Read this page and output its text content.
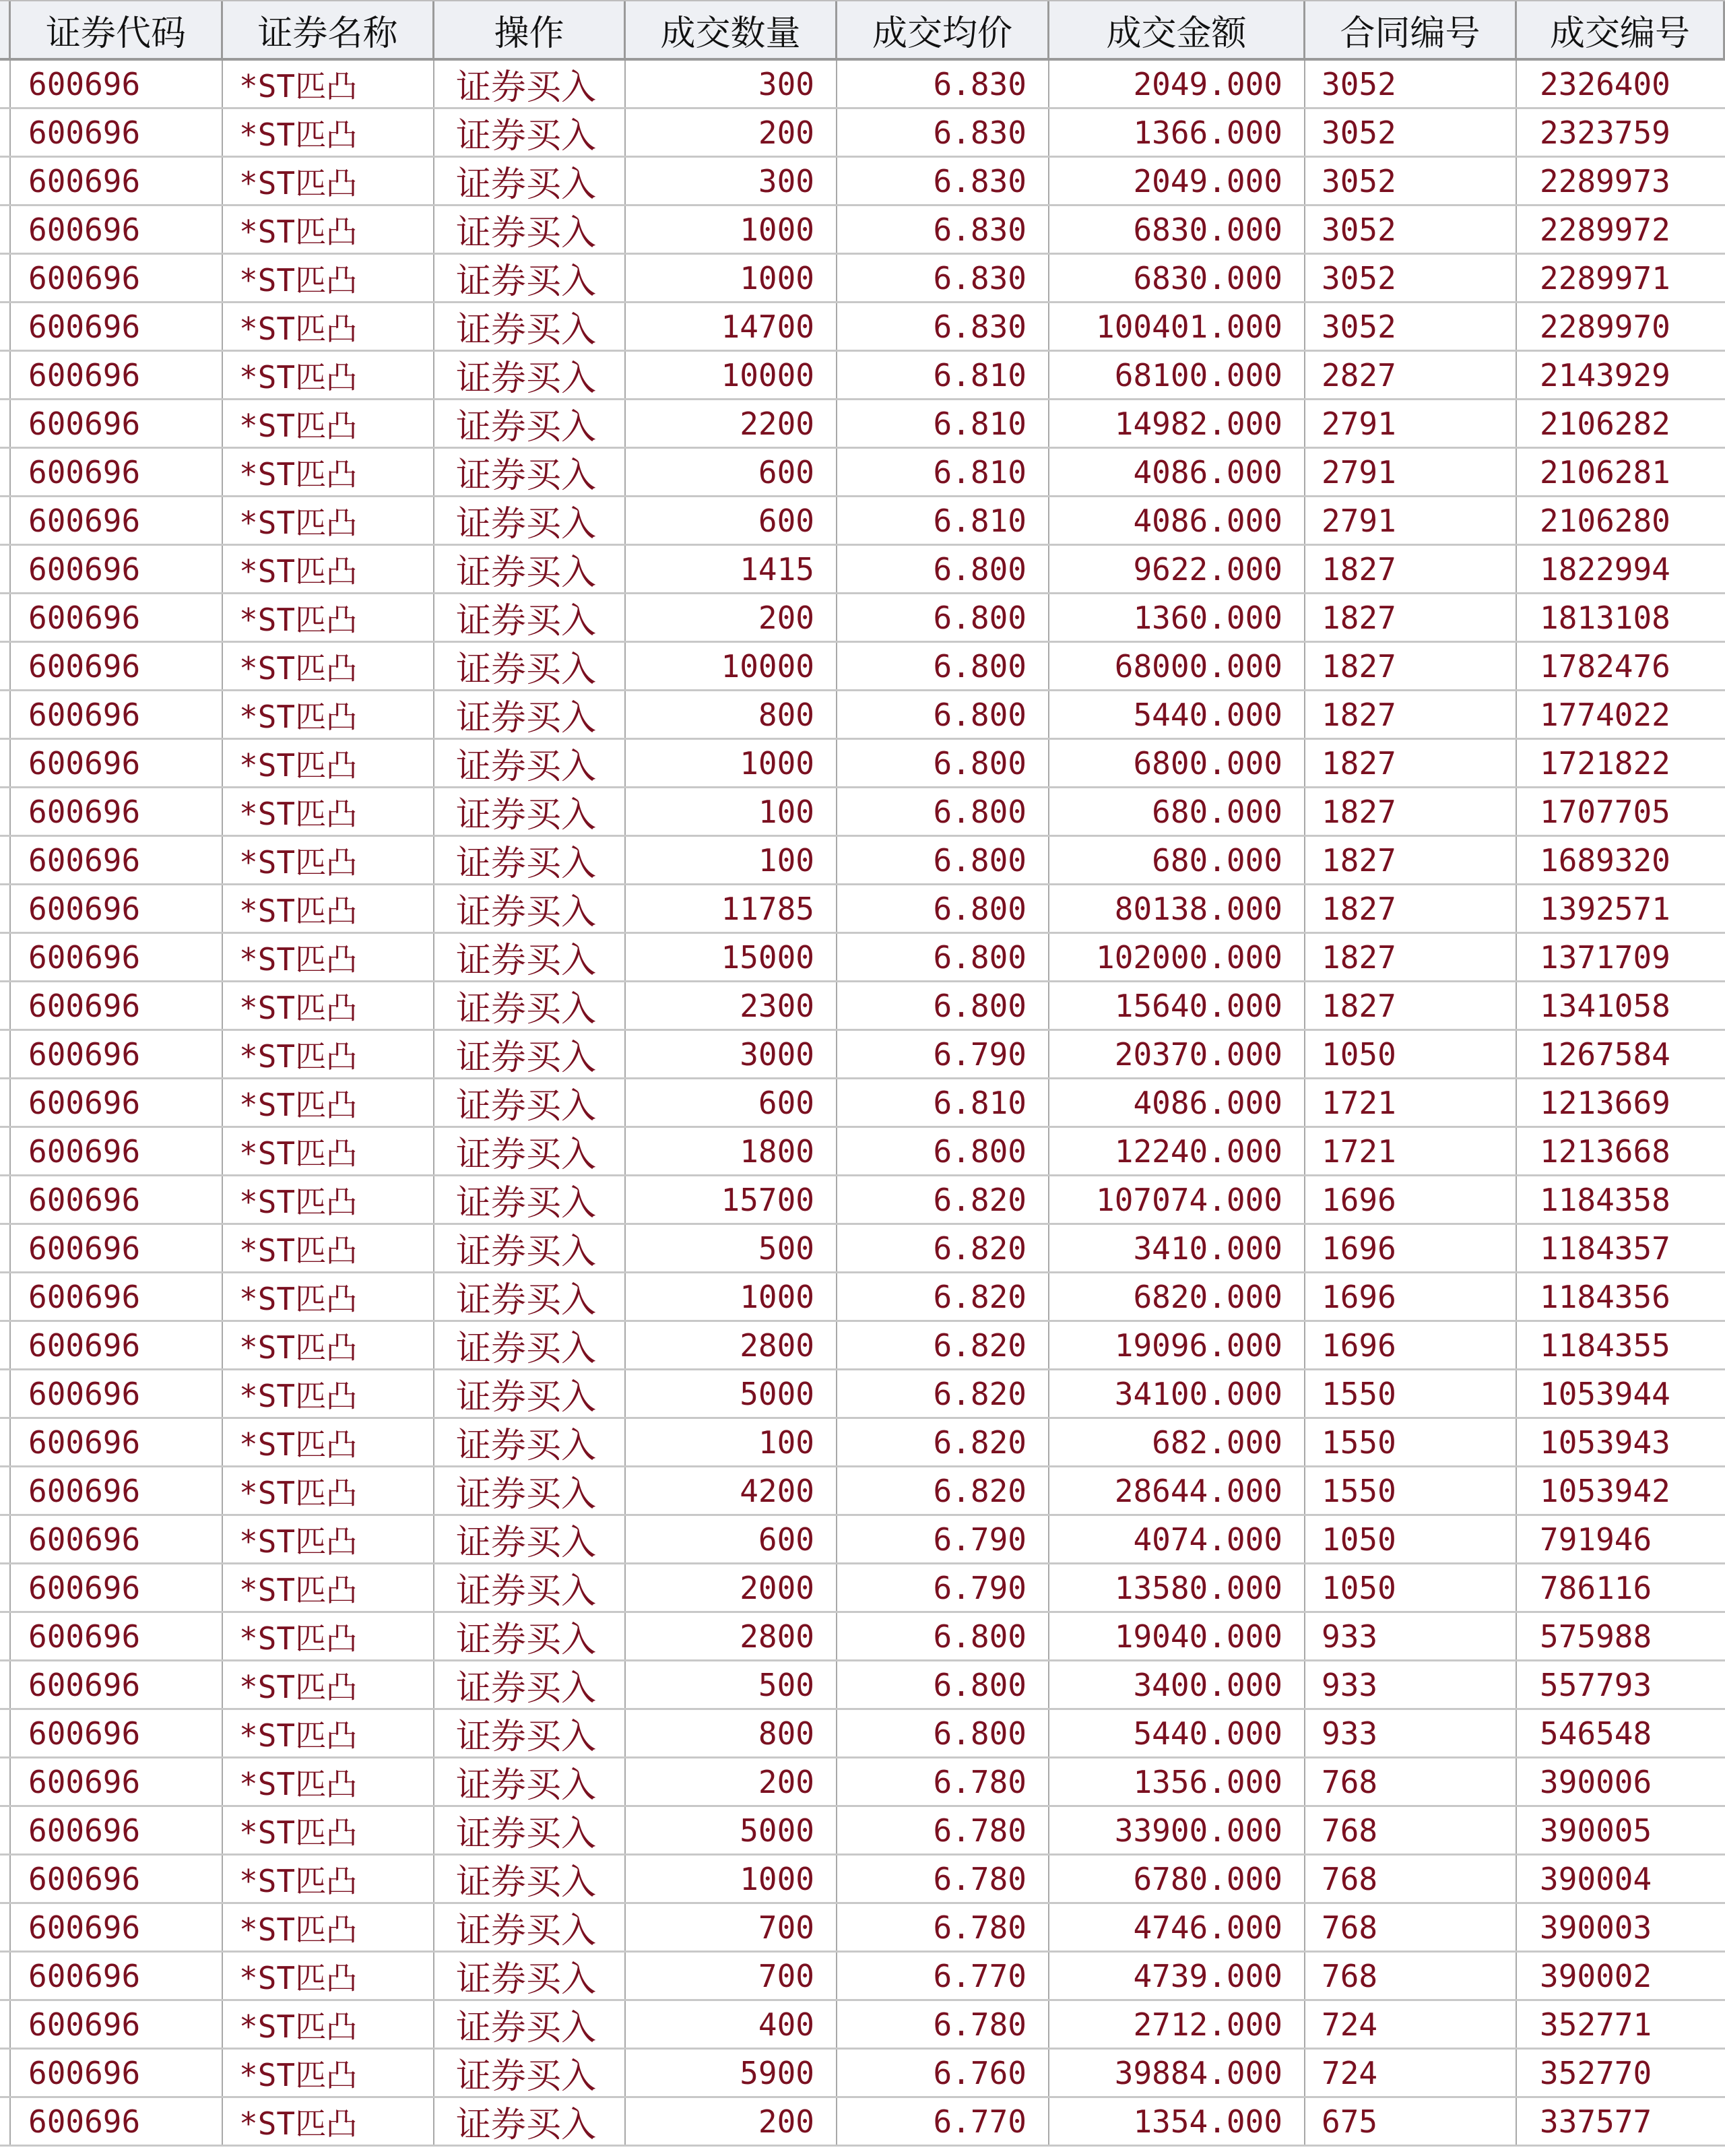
证券代码	证券名称	操作	成交数量	成交均价	成交金额	合同编号	成交编号
600696	*ST匹凸	证券买入	300	6.830	2049.000	3052	2326400
600696	*ST匹凸	证券买入	200	6.830	1366.000	3052	2323759
600696	*ST匹凸	证券买入	300	6.830	2049.000	3052	2289973
600696	*ST匹凸	证券买入	1000	6.830	6830.000	3052	2289972
600696	*ST匹凸	证券买入	1000	6.830	6830.000	3052	2289971
600696	*ST匹凸	证券买入	14700	6.830	100401.000	3052	2289970
600696	*ST匹凸	证券买入	10000	6.810	68100.000	2827	2143929
600696	*ST匹凸	证券买入	2200	6.810	14982.000	2791	2106282
600696	*ST匹凸	证券买入	600	6.810	4086.000	2791	2106281
600696	*ST匹凸	证券买入	600	6.810	4086.000	2791	2106280
600696	*ST匹凸	证券买入	1415	6.800	9622.000	1827	1822994
600696	*ST匹凸	证券买入	200	6.800	1360.000	1827	1813108
600696	*ST匹凸	证券买入	10000	6.800	68000.000	1827	1782476
600696	*ST匹凸	证券买入	800	6.800	5440.000	1827	1774022
600696	*ST匹凸	证券买入	1000	6.800	6800.000	1827	1721822
600696	*ST匹凸	证券买入	100	6.800	680.000	1827	1707705
600696	*ST匹凸	证券买入	100	6.800	680.000	1827	1689320
600696	*ST匹凸	证券买入	11785	6.800	80138.000	1827	1392571
600696	*ST匹凸	证券买入	15000	6.800	102000.000	1827	1371709
600696	*ST匹凸	证券买入	2300	6.800	15640.000	1827	1341058
600696	*ST匹凸	证券买入	3000	6.790	20370.000	1050	1267584
600696	*ST匹凸	证券买入	600	6.810	4086.000	1721	1213669
600696	*ST匹凸	证券买入	1800	6.800	12240.000	1721	1213668
600696	*ST匹凸	证券买入	15700	6.820	107074.000	1696	1184358
600696	*ST匹凸	证券买入	500	6.820	3410.000	1696	1184357
600696	*ST匹凸	证券买入	1000	6.820	6820.000	1696	1184356
600696	*ST匹凸	证券买入	2800	6.820	19096.000	1696	1184355
600696	*ST匹凸	证券买入	5000	6.820	34100.000	1550	1053944
600696	*ST匹凸	证券买入	100	6.820	682.000	1550	1053943
600696	*ST匹凸	证券买入	4200	6.820	28644.000	1550	1053942
600696	*ST匹凸	证券买入	600	6.790	4074.000	1050	791946
600696	*ST匹凸	证券买入	2000	6.790	13580.000	1050	786116
600696	*ST匹凸	证券买入	2800	6.800	19040.000	933	575988
600696	*ST匹凸	证券买入	500	6.800	3400.000	933	557793
600696	*ST匹凸	证券买入	800	6.800	5440.000	933	546548
600696	*ST匹凸	证券买入	200	6.780	1356.000	768	390006
600696	*ST匹凸	证券买入	5000	6.780	33900.000	768	390005
600696	*ST匹凸	证券买入	1000	6.780	6780.000	768	390004
600696	*ST匹凸	证券买入	700	6.780	4746.000	768	390003
600696	*ST匹凸	证券买入	700	6.770	4739.000	768	390002
600696	*ST匹凸	证券买入	400	6.780	2712.000	724	352771
600696	*ST匹凸	证券买入	5900	6.760	39884.000	724	352770
600696	*ST匹凸	证券买入	200	6.770	1354.000	675	337577
